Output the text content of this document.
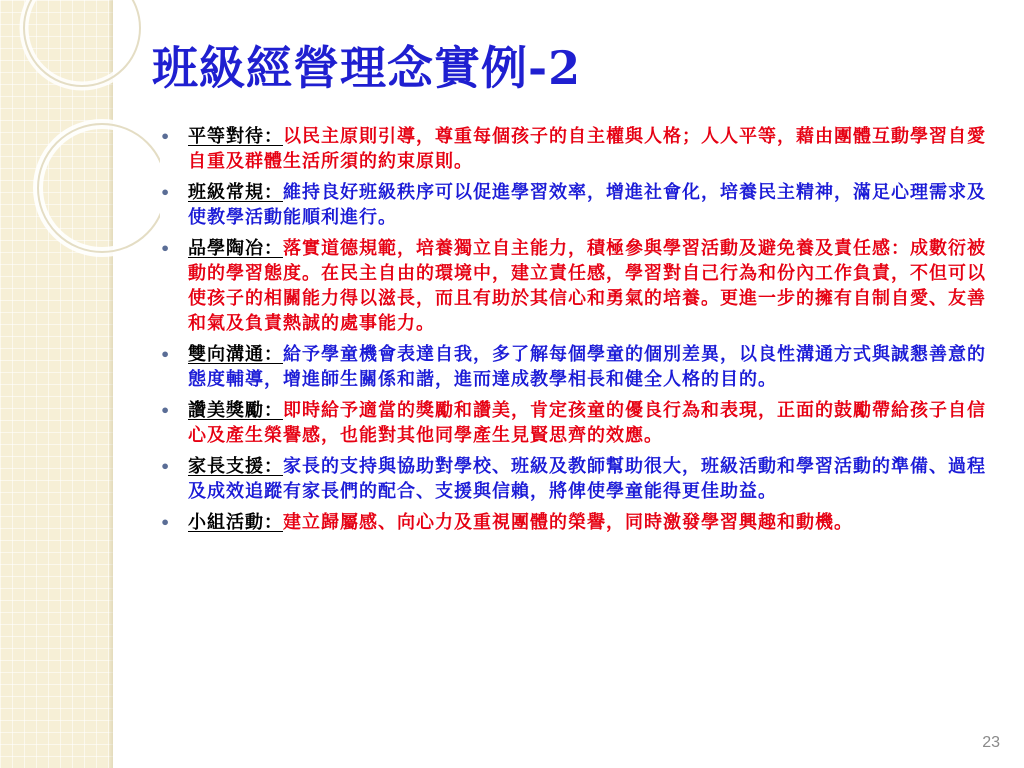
班級經營理念實例-2
• 平等對待：以民主原則引導，尊重每個孩子的自主權與人格；人人平等，藉由團體互動學習自愛自重及群體生活所須的約束原則。
• 班級常規：維持良好班級秩序可以促進學習效率，增進社會化，培養民主精神，滿足心理需求及使教學活動能順利進行。
• 品學陶冶：落實道德規範，培養獨立自主能力，積極參與學習活動及避免養及責任感：成數衍被動的學習態度。在民主自由的環境中，建立責任感，學習對自己行為和份內工作負責，不但可以使孩子的相關能力得以滋長，而且有助於其信心和勇氣的培養。更進一步的擁有自制自愛、友善和氣及負責熱誠的處事能力。
• 雙向溝通：給予學童機會表達自我，多了解每個學童的個別差異，以良性溝通方式與誠懇善意的態度輔導，增進師生關係和諧，進而達成教學相長和健全人格的目的。
• 讚美獎勵：即時給予適當的獎勵和讚美，肯定孩童的優良行為和表現，正面的鼓勵帶給孩子自信心及產生榮譽感，也能對其他同學產生見賢思齊的效應。
• 家長支援：家長的支持與協助對學校、班級及教師幫助很大，班級活動和學習活動的準備、過程及成效追蹤有家長們的配合、支援與信賴，將俾使學童能得更佳助益。
• 小組活動：建立歸屬感、向心力及重視團體的榮譽，同時激發學習興趣和動機。
23
